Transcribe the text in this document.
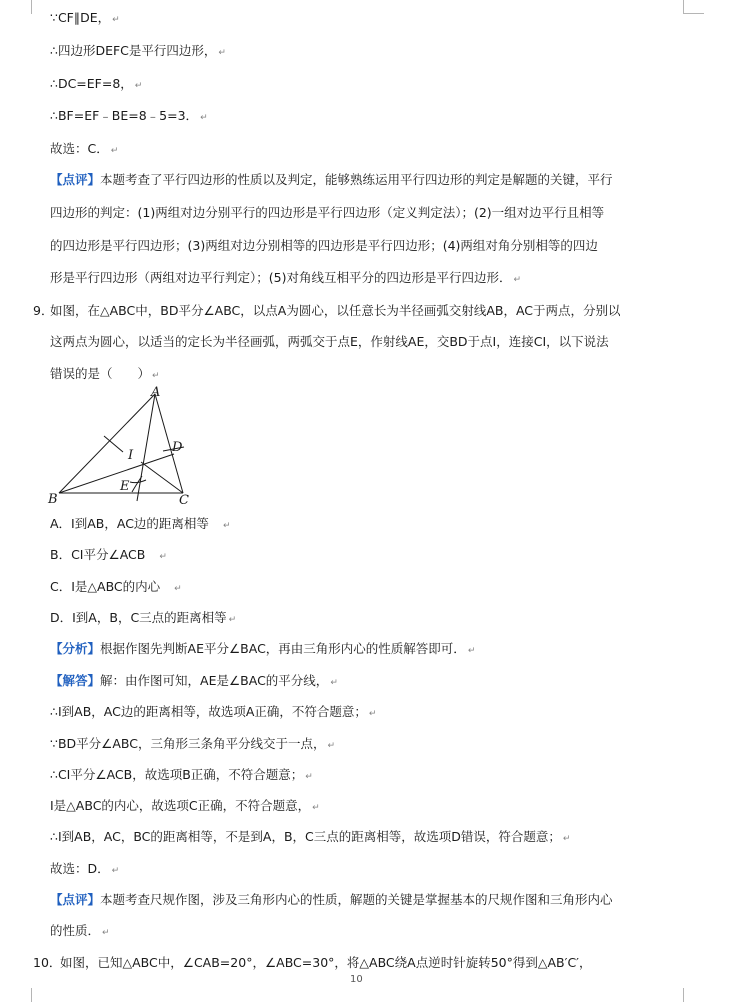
∵CF∥DE， ↵
∴四边形DEFC是平行四边形， ↵
∴DC=EF=8， ↵
∴BF=EF﹣BE=8﹣5=3． ↵
故选：C． ↵
【点评】本题考查了平行四边形的性质以及判定，能够熟练运用平行四边形的判定是解题的关键，平行
四边形的判定：(1)两组对边分别平行的四边形是平行四边形（定义判定法）；(2)一组对边平行且相等
的四边形是平行四边形；(3)两组对边分别相等的四边形是平行四边形；(4)两组对角分别相等的四边
形是平行四边形（两组对边平行判定）；(5)对角线互相平分的四边形是平行四边形． ↵
9．
如图，在△ABC中，BD平分∠ABC，以点A为圆心，以任意长为半径画弧交射线AB，AC于两点，分别以
这两点为圆心，以适当的定长为半径画弧，两弧交于点E，作射线AE，交BD于点I，连接CI，以下说法
错误的是（　　） ↵
A
B	C
D
E
I
A．I到AB，AC边的距离相等 ↵
B．CI平分∠ACB ↵
C．I是△ABC的内心 ↵
D．I到A，B，C三点的距离相等 ↵
【分析】根据作图先判断AE平分∠BAC，再由三角形内心的性质解答即可． ↵
【解答】解：由作图可知，AE是∠BAC的平分线， ↵
∴I到AB，AC边的距离相等，故选项A正确，不符合题意； ↵
∵BD平分∠ABC，三角形三条角平分线交于一点， ↵
∴CI平分∠ACB，故选项B正确，不符合题意； ↵
I是△ABC的内心，故选项C正确，不符合题意， ↵
∴I到AB，AC，BC的距离相等，不是到A，B，C三点的距离相等，故选项D错误，符合题意； ↵
故选：D． ↵
【点评】本题考查尺规作图，涉及三角形内心的性质，解题的关键是掌握基本的尺规作图和三角形内心
的性质． ↵
10．
如图，已知△ABC中，∠CAB=20°，∠ABC=30°，将△ABC绕A点逆时针旋转50°得到△AB′C′，
10
